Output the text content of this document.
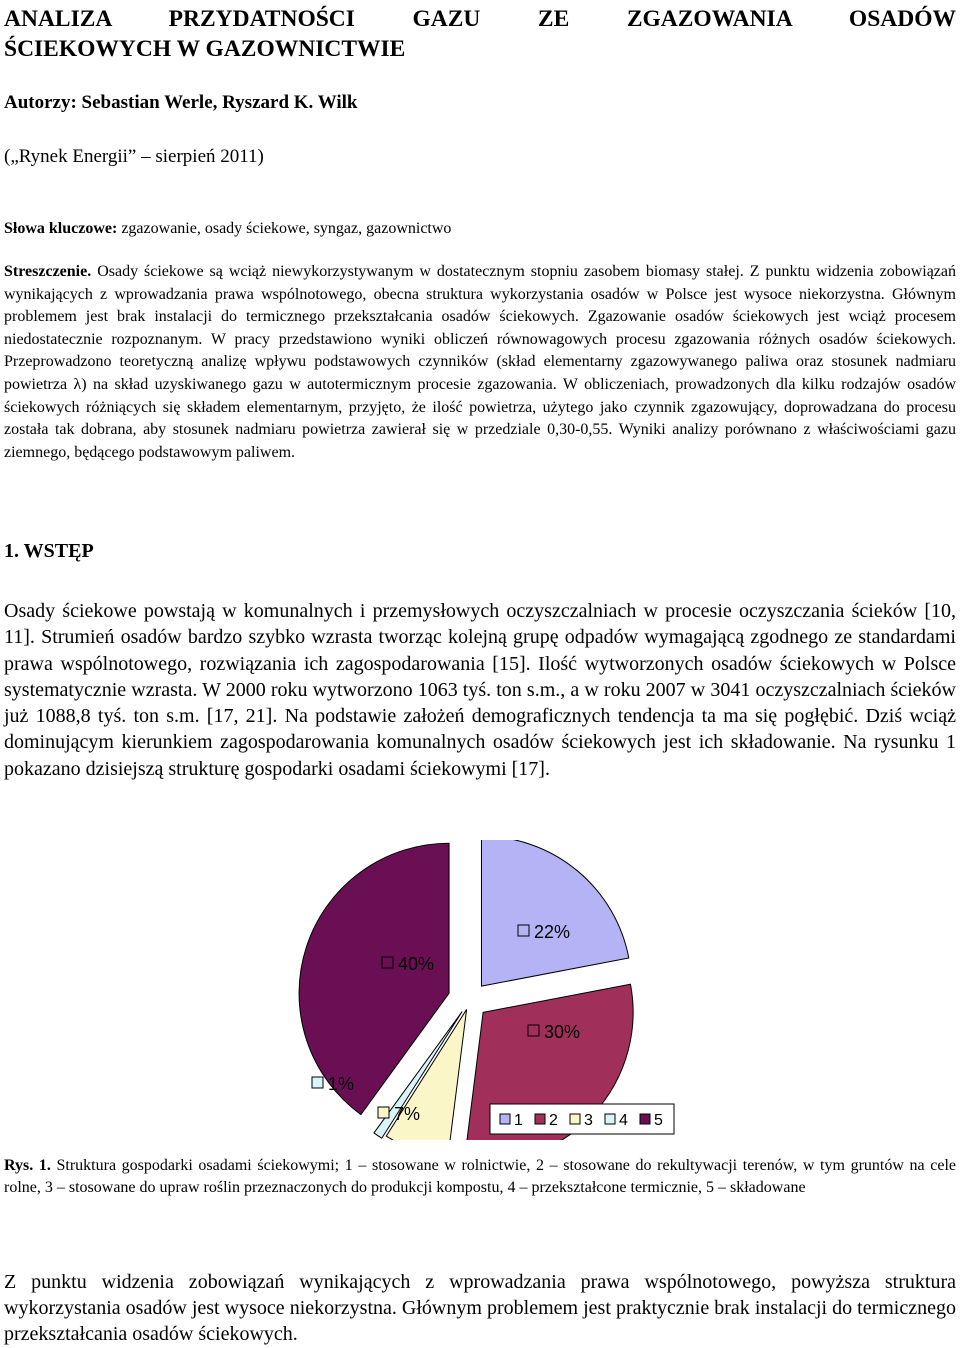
ANALIZA PRZYDATNOŚCI GAZU ZE ZGAZOWANIA OSADÓW
ŚCIEKOWYCH W GAZOWNICTWIE
Autorzy: Sebastian Werle, Ryszard K. Wilk
(„Rynek Energii” – sierpień 2011)
Słowa kluczowe: zgazowanie, osady ściekowe, syngaz, gazownictwo
Streszczenie. Osady ściekowe są wciąż niewykorzystywanym w dostatecznym stopniu zasobem biomasy stałej. Z punktu widzenia zobowiązań wynikających z wprowadzania prawa wspólnotowego, obecna struktura wykorzystania osadów w Polsce jest wysoce niekorzystna. Głównym problemem jest brak instalacji do termicznego przekształcania osadów ściekowych. Zgazowanie osadów ściekowych jest wciąż procesem niedostatecznie rozpoznanym. W pracy przedstawiono wyniki obliczeń równowagowych procesu zgazowania różnych osadów ściekowych. Przeprowadzono teoretyczną analizę wpływu podstawowych czynników (skład elementarny zgazowywanego paliwa oraz stosunek nadmiaru powietrza λ) na skład uzyskiwanego gazu w autotermicznym procesie zgazowania. W obliczeniach, prowadzonych dla kilku rodzajów osadów ściekowych różniących się składem elementarnym, przyjęto, że ilość powietrza, użytego jako czynnik zgazowujący, doprowadzana do procesu została tak dobrana, aby stosunek nadmiaru powietrza zawierał się w przedziale 0,30-0,55. Wyniki analizy porównano z właściwościami gazu ziemnego, będącego podstawowym paliwem.
1. WSTĘP
Osady ściekowe powstają w komunalnych i przemysłowych oczyszczalniach w procesie oczyszczania ścieków [10, 11]. Strumień osadów bardzo szybko wzrasta tworząc kolejną grupę odpadów wymagającą zgodnego ze standardami prawa wspólnotowego, rozwiązania ich zagospodarowania [15]. Ilość wytworzonych osadów ściekowych w Polsce systematycznie wzrasta. W 2000 roku wytworzono 1063 tyś. ton s.m., a w roku 2007 w 3041 oczyszczalniach ścieków już 1088,8 tyś. ton s.m. [17, 21]. Na podstawie założeń demograficznych tendencja ta ma się pogłębić. Dziś wciąż dominującym kierunkiem zagospodarowania komunalnych osadów ściekowych jest ich składowanie. Na rysunku 1 pokazano dzisiejszą strukturę gospodarki osadami ściekowymi [17].
22%
30%
7%
1%
40%
1 2 3 4 5
Rys. 1. Struktura gospodarki osadami ściekowymi; 1 – stosowane w rolnictwie, 2 – stosowane do rekultywacji terenów, w tym gruntów na cele rolne, 3 – stosowane do upraw roślin przeznaczonych do produkcji kompostu, 4 – przekształcone termicznie, 5 – składowane
Z punktu widzenia zobowiązań wynikających z wprowadzania prawa wspólnotowego, powyższa struktura wykorzystania osadów jest wysoce niekorzystna. Głównym problemem jest praktycznie brak instalacji do termicznego przekształcania osadów ściekowych.
